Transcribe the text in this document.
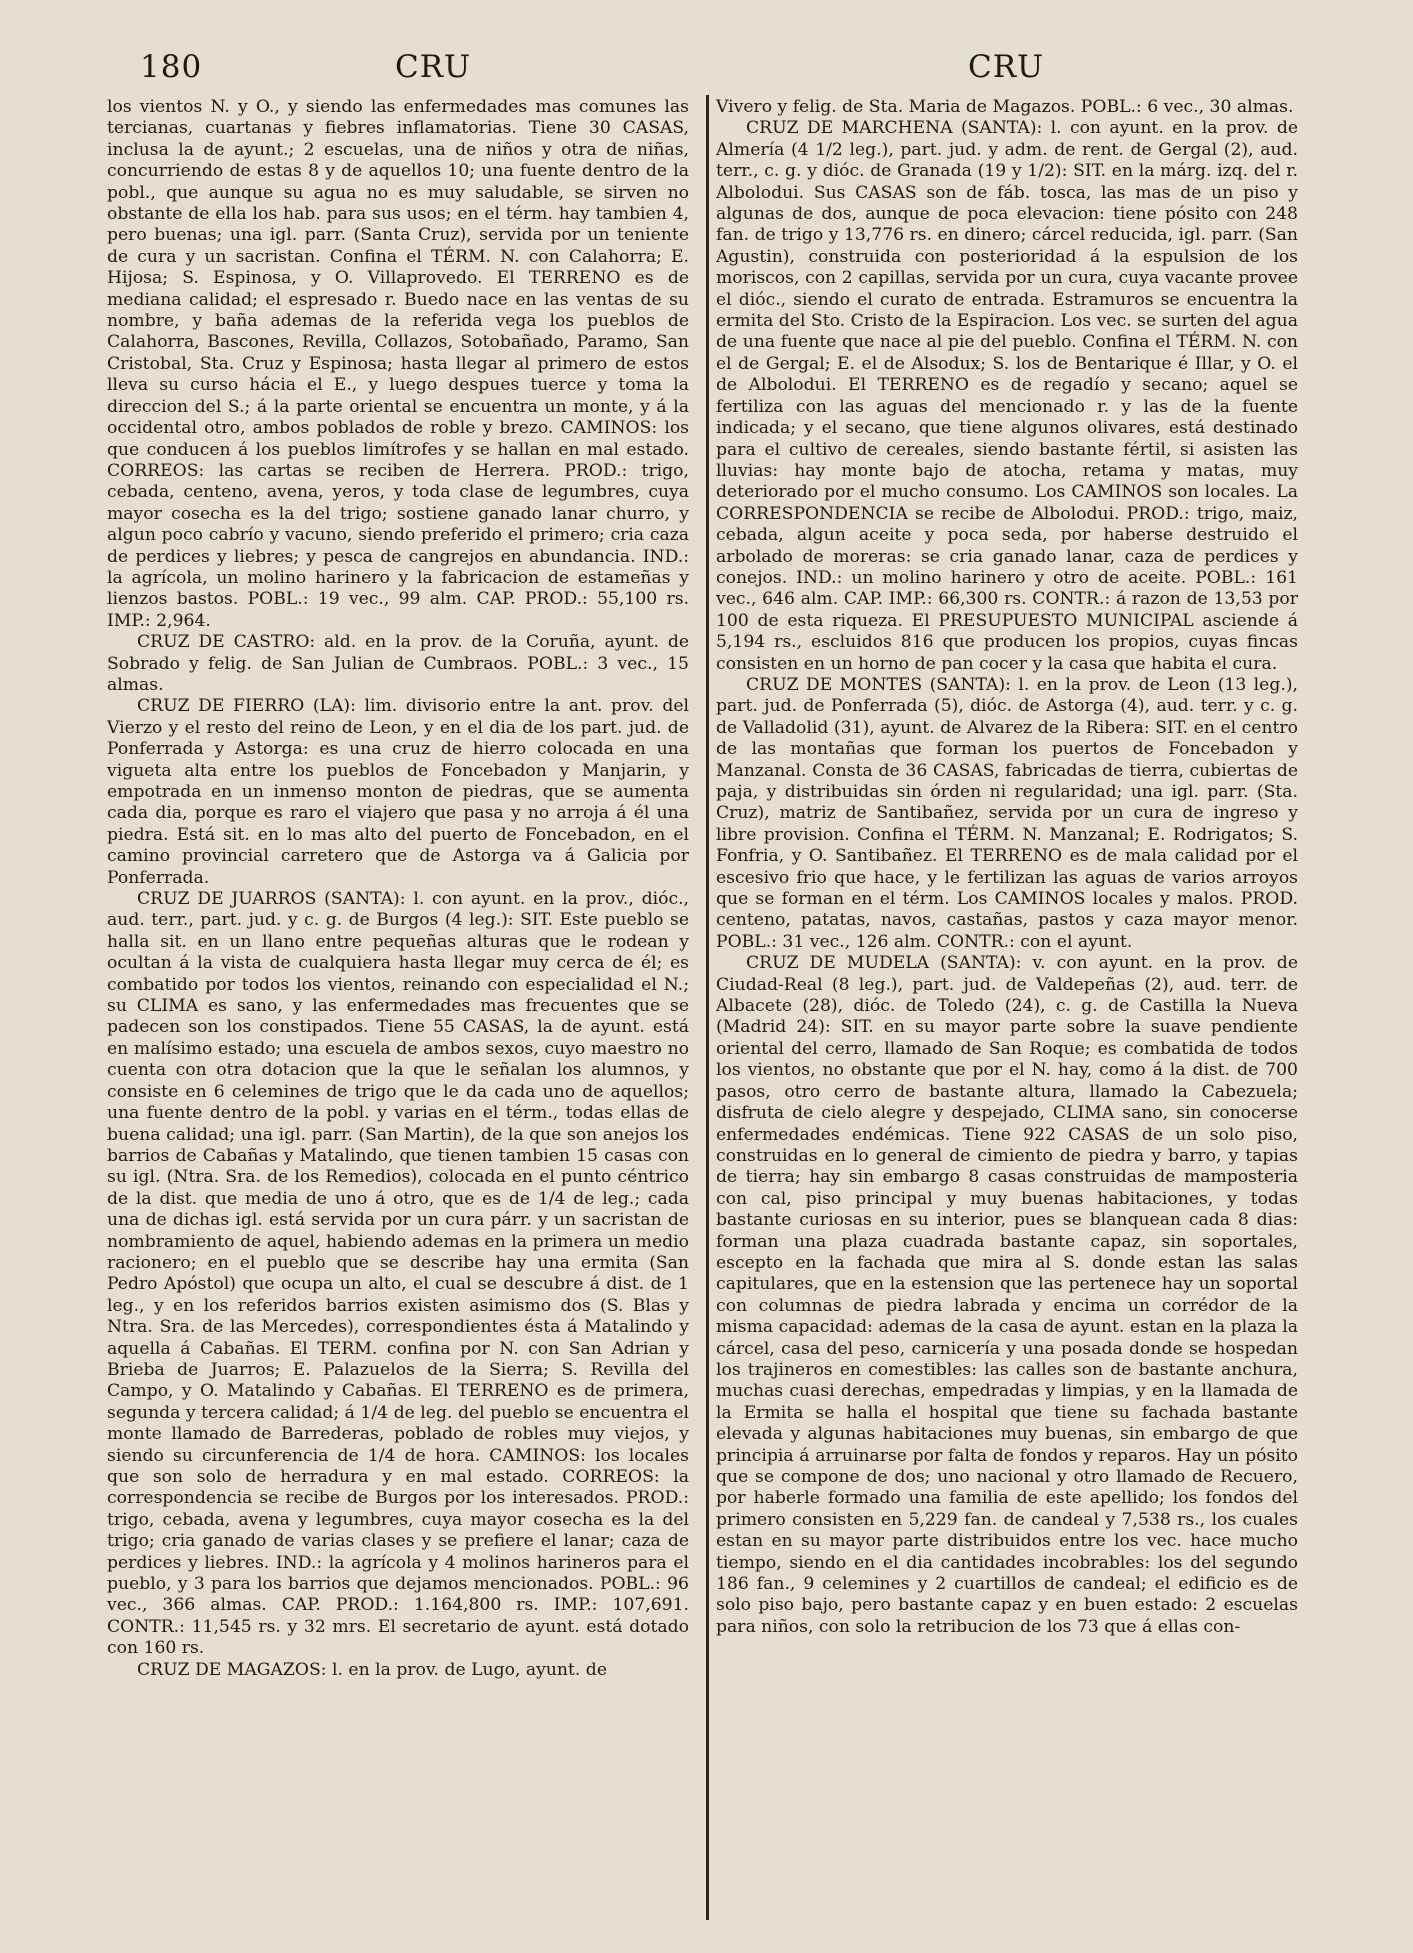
180	CRU	CRU

los vientos N. y O., y siendo las enfermedades mas comunes las tercianas, cuartanas y fiebres inflamatorias. Tiene 30 CASAS, inclusa la de ayunt.; 2 escuelas, una de niños y otra de niñas, concurriendo de estas 8 y de aquellos 10; una fuente dentro de la pobl., que aunque su agua no es muy saludable, se sirven no obstante de ella los hab. para sus usos; en el térm. hay tambien 4, pero buenas; una igl. parr. (Santa Cruz), servida por un teniente de cura y un sacristan. Confina el TÉRM. N. con Calahorra; E. Hijosa; S. Espinosa, y O. Villaprovedo. El TERRENO es de mediana calidad; el espresado r. Buedo nace en las ventas de su nombre, y baña ademas de la referida vega los pueblos de Calahorra, Bascones, Revilla, Collazos, Sotobañado, Paramo, San Cristobal, Sta. Cruz y Espinosa; hasta llegar al primero de estos lleva su curso hácia el E., y luego despues tuerce y toma la direccion del S.; á la parte oriental se encuentra un monte, y á la occidental otro, ambos poblados de roble y brezo. CAMINOS: los que conducen á los pueblos limítrofes y se hallan en mal estado. CORREOS: las cartas se reciben de Herrera. PROD.: trigo, cebada, centeno, avena, yeros, y toda clase de legumbres, cuya mayor cosecha es la del trigo; sostiene ganado lanar churro, y algun poco cabrío y vacuno, siendo preferido el primero; cria caza de perdices y liebres; y pesca de cangrejos en abundancia. IND.: la agrícola, un molino harinero y la fabricacion de estameñas y lienzos bastos. POBL.: 19 vec., 99 alm. CAP. PROD.: 55,100 rs. IMP.: 2,964.

CRUZ DE CASTRO: ald. en la prov. de la Coruña, ayunt. de Sobrado y felig. de San Julian de Cumbraos. POBL.: 3 vec., 15 almas.

CRUZ DE FIERRO (LA): lim. divisorio entre la ant. prov. del Vierzo y el resto del reino de Leon, y en el dia de los part. jud. de Ponferrada y Astorga: es una cruz de hierro colocada en una vigueta alta entre los pueblos de Foncebadon y Manjarin, y empotrada en un inmenso monton de piedras, que se aumenta cada dia, porque es raro el viajero que pasa y no arroja á él una piedra. Está sit. en lo mas alto del puerto de Foncebadon, en el camino provincial carretero que de Astorga va á Galicia por Ponferrada.

CRUZ DE JUARROS (SANTA): l. con ayunt. en la prov., dióc., aud. terr., part. jud. y c. g. de Burgos (4 leg.): SIT. Este pueblo se halla sit. en un llano entre pequeñas alturas que le rodean y ocultan á la vista de cualquiera hasta llegar muy cerca de él; es combatido por todos los vientos, reinando con especialidad el N.; su CLIMA es sano, y las enfermedades mas frecuentes que se padecen son los constipados. Tiene 55 CASAS, la de ayunt. está en malísimo estado; una escuela de ambos sexos, cuyo maestro no cuenta con otra dotacion que la que le señalan los alumnos, y consiste en 6 celemines de trigo que le da cada uno de aquellos; una fuente dentro de la pobl. y varias en el térm., todas ellas de buena calidad; una igl. parr. (San Martin), de la que son anejos los barrios de Cabañas y Matalindo, que tienen tambien 15 casas con su igl. (Ntra. Sra. de los Remedios), colocada en el punto céntrico de la dist. que media de uno á otro, que es de 1/4 de leg.; cada una de dichas igl. está servida por un cura párr. y un sacristan de nombramiento de aquel, habiendo ademas en la primera un medio racionero; en el pueblo que se describe hay una ermita (San Pedro Apóstol) que ocupa un alto, el cual se descubre á dist. de 1 leg., y en los referidos barrios existen asimismo dos (S. Blas y Ntra. Sra. de las Mercedes), correspondientes ésta á Matalindo y aquella á Cabañas. El TERM. confina por N. con San Adrian y Brieba de Juarros; E. Palazuelos de la Sierra; S. Revilla del Campo, y O. Matalindo y Cabañas. El TERRENO es de primera, segunda y tercera calidad; á 1/4 de leg. del pueblo se encuentra el monte llamado de Barrederas, poblado de robles muy viejos, y siendo su circunferencia de 1/4 de hora. CAMINOS: los locales que son solo de herradura y en mal estado. CORREOS: la correspondencia se recibe de Burgos por los interesados. PROD.: trigo, cebada, avena y legumbres, cuya mayor cosecha es la del trigo; cria ganado de varias clases y se prefiere el lanar; caza de perdices y liebres. IND.: la agrícola y 4 molinos harineros para el pueblo, y 3 para los barrios que dejamos mencionados. POBL.: 96 vec., 366 almas. CAP. PROD.: 1.164,800 rs. IMP.: 107,691. CONTR.: 11,545 rs. y 32 mrs. El secretario de ayunt. está dotado con 160 rs.

CRUZ DE MAGAZOS: l. en la prov. de Lugo, ayunt. de

Vivero y felig. de Sta. Maria de Magazos. POBL.: 6 vec., 30 almas.

CRUZ DE MARCHENA (SANTA): l. con ayunt. en la prov. de Almería (4 1/2 leg.), part. jud. y adm. de rent. de Gergal (2), aud. terr., c. g. y dióc. de Granada (19 y 1/2): SIT. en la márg. izq. del r. Albolodui. Sus CASAS son de fáb. tosca, las mas de un piso y algunas de dos, aunque de poca elevacion: tiene pósito con 248 fan. de trigo y 13,776 rs. en dinero; cárcel reducida, igl. parr. (San Agustin), construida con posterioridad á la espulsion de los moriscos, con 2 capillas, servida por un cura, cuya vacante provee el dióc., siendo el curato de entrada. Estramuros se encuentra la ermita del Sto. Cristo de la Espiracion. Los vec. se surten del agua de una fuente que nace al pie del pueblo. Confina el TÉRM. N. con el de Gergal; E. el de Alsodux; S. los de Bentarique é Illar, y O. el de Albolodui. El TERRENO es de regadío y secano; aquel se fertiliza con las aguas del mencionado r. y las de la fuente indicada; y el secano, que tiene algunos olivares, está destinado para el cultivo de cereales, siendo bastante fértil, si asisten las lluvias: hay monte bajo de atocha, retama y matas, muy deteriorado por el mucho consumo. Los CAMINOS son locales. La CORRESPONDENCIA se recibe de Albolodui. PROD.: trigo, maiz, cebada, algun aceite y poca seda, por haberse destruido el arbolado de moreras: se cria ganado lanar, caza de perdices y conejos. IND.: un molino harinero y otro de aceite. POBL.: 161 vec., 646 alm. CAP. IMP.: 66,300 rs. CONTR.: á razon de 13,53 por 100 de esta riqueza. El PRESUPUESTO MUNICIPAL asciende á 5,194 rs., escluidos 816 que producen los propios, cuyas fincas consisten en un horno de pan cocer y la casa que habita el cura.

CRUZ DE MONTES (SANTA): l. en la prov. de Leon (13 leg.), part. jud. de Ponferrada (5), dióc. de Astorga (4), aud. terr. y c. g. de Valladolid (31), ayunt. de Alvarez de la Ribera: SIT. en el centro de las montañas que forman los puertos de Foncebadon y Manzanal. Consta de 36 CASAS, fabricadas de tierra, cubiertas de paja, y distribuidas sin órden ni regularidad; una igl. parr. (Sta. Cruz), matriz de Santibañez, servida por un cura de ingreso y libre provision. Confina el TÉRM. N. Manzanal; E. Rodrigatos; S. Fonfria, y O. Santibañez. El TERRENO es de mala calidad por el escesivo frio que hace, y le fertilizan las aguas de varios arroyos que se forman en el térm. Los CAMINOS locales y malos. PROD. centeno, patatas, navos, castañas, pastos y caza mayor menor. POBL.: 31 vec., 126 alm. CONTR.: con el ayunt.

CRUZ DE MUDELA (SANTA): v. con ayunt. en la prov. de Ciudad-Real (8 leg.), part. jud. de Valdepeñas (2), aud. terr. de Albacete (28), dióc. de Toledo (24), c. g. de Castilla la Nueva (Madrid 24): SIT. en su mayor parte sobre la suave pendiente oriental del cerro, llamado de San Roque; es combatida de todos los vientos, no obstante que por el N. hay, como á la dist. de 700 pasos, otro cerro de bastante altura, llamado la Cabezuela; disfruta de cielo alegre y despejado, CLIMA sano, sin conocerse enfermedades endémicas. Tiene 922 CASAS de un solo piso, construidas en lo general de cimiento de piedra y barro, y tapias de tierra; hay sin embargo 8 casas construidas de mamposteria con cal, piso principal y muy buenas habitaciones, y todas bastante curiosas en su interior, pues se blanquean cada 8 dias: forman una plaza cuadrada bastante capaz, sin soportales, escepto en la fachada que mira al S. donde estan las salas capitulares, que en la estension que las pertenece hay un soportal con columnas de piedra labrada y encima un corrédor de la misma capacidad: ademas de la casa de ayunt. estan en la plaza la cárcel, casa del peso, carnicería y una posada donde se hospedan los trajineros en comestibles: las calles son de bastante anchura, muchas cuasi derechas, empedradas y limpias, y en la llamada de la Ermita se halla el hospital que tiene su fachada bastante elevada y algunas habitaciones muy buenas, sin embargo de que principia á arruinarse por falta de fondos y reparos. Hay un pósito que se compone de dos; uno nacional y otro llamado de Recuero, por haberle formado una familia de este apellido; los fondos del primero consisten en 5,229 fan. de candeal y 7,538 rs., los cuales estan en su mayor parte distribuidos entre los vec. hace mucho tiempo, siendo en el dia cantidades incobrables: los del segundo 186 fan., 9 celemines y 2 cuartillos de candeal; el edificio es de solo piso bajo, pero bastante capaz y en buen estado: 2 escuelas para niños, con solo la retribucion de los 73 que á ellas con-
